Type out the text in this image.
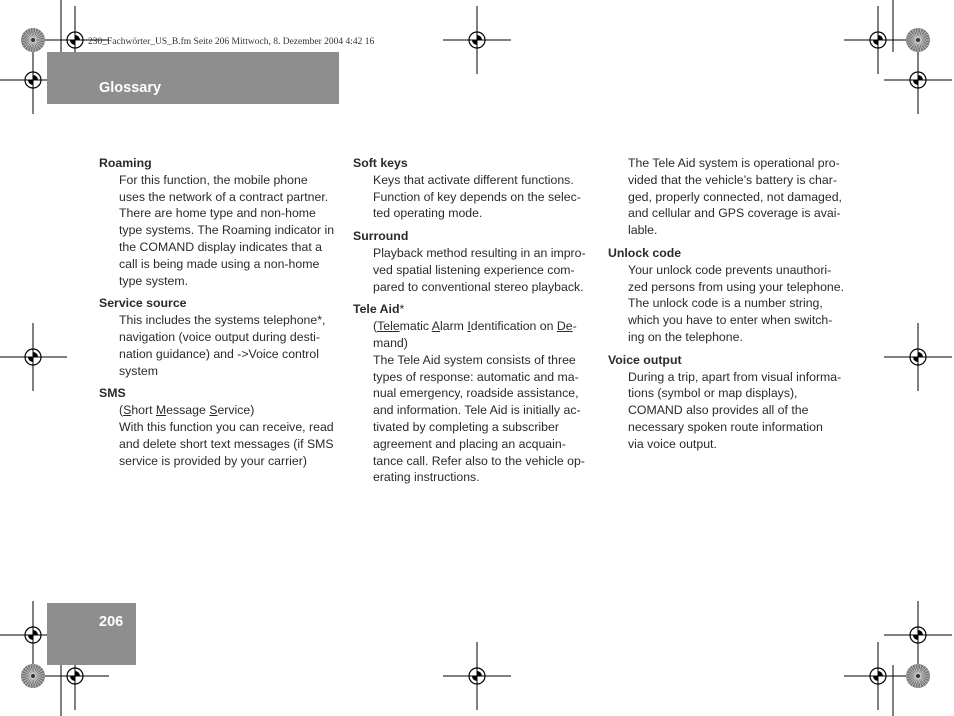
230_Fachwörter_US_B.fm Seite 206 Mittwoch, 8. Dezember 2004 4:42 16
Glossary
206
Roaming
For this function, the mobile phone
uses the network of a contract partner.
There are home type and non-home
type systems. The Roaming indicator in
the COMAND display indicates that a
call is being made using a non-home
type system.
Service source
This includes the systems telephone*,
navigation (voice output during desti-
nation guidance) and ->Voice control
system
SMS
(Short Message Service)
With this function you can receive, read
and delete short text messages (if SMS
service is provided by your carrier)
Soft keys
Keys that activate different functions.
Function of key depends on the selec-
ted operating mode.
Surround
Playback method resulting in an impro-
ved spatial listening experience com-
pared to conventional stereo playback.
Tele Aid*
(Telematic Alarm Identification on De-
mand)
The Tele Aid system consists of three
types of response: automatic and ma-
nual emergency, roadside assistance,
and information. Tele Aid is initially ac-
tivated by completing a subscriber
agreement and placing an acquain-
tance call. Refer also to the vehicle op-
erating instructions.
The Tele Aid system is operational pro-
vided that the vehicle’s battery is char-
ged, properly connected, not damaged,
and cellular and GPS coverage is avai-
lable.
Unlock code
Your unlock code prevents unauthori-
zed persons from using your telephone.
The unlock code is a number string,
which you have to enter when switch-
ing on the telephone.
Voice output
During a trip, apart from visual informa-
tions (symbol or map displays),
COMAND also provides all of the
necessary spoken route information
via voice output.
